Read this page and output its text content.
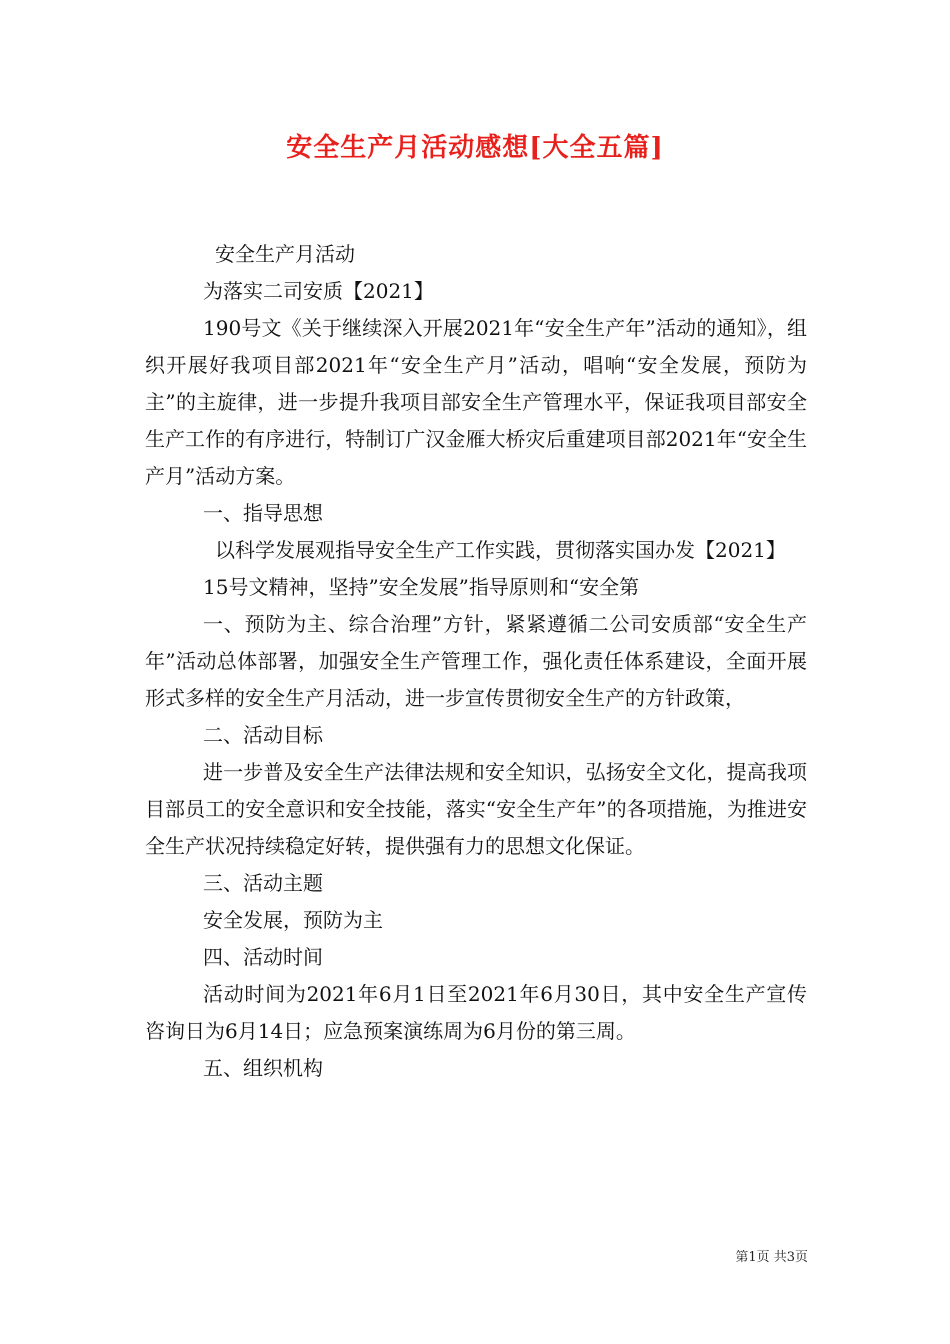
安全生产月活动感想[大全五篇]

安全生产月活动

为落实二司安质【2021】

190号文《关于继续深入开展2021年“安全生产年”活动的通知》，组织开展好我项目部2021年“安全生产月”活动，唱响“安全发展，预防为主”的主旋律，进一步提升我项目部安全生产管理水平，保证我项目部安全生产工作的有序进行，特制订广汉金雁大桥灾后重建项目部2021年“安全生产月”活动方案。

一、指导思想

以科学发展观指导安全生产工作实践，贯彻落实国办发【2021】

15号文精神，坚持”安全发展”指导原则和“安全第

一、预防为主、综合治理”方针，紧紧遵循二公司安质部“安全生产年”活动总体部署，加强安全生产管理工作，强化责任体系建设，全面开展形式多样的安全生产月活动，进一步宣传贯彻安全生产的方针政策，

二、活动目标

进一步普及安全生产法律法规和安全知识，弘扬安全文化，提高我项目部员工的安全意识和安全技能，落实“安全生产年”的各项措施，为推进安全生产状况持续稳定好转，提供强有力的思想文化保证。

三、活动主题

安全发展，预防为主

四、活动时间

活动时间为2021年6月1日至2021年6月30日，其中安全生产宣传咨询日为6月14日；应急预案演练周为6月份的第三周。

五、组织机构

第1页 共3页
